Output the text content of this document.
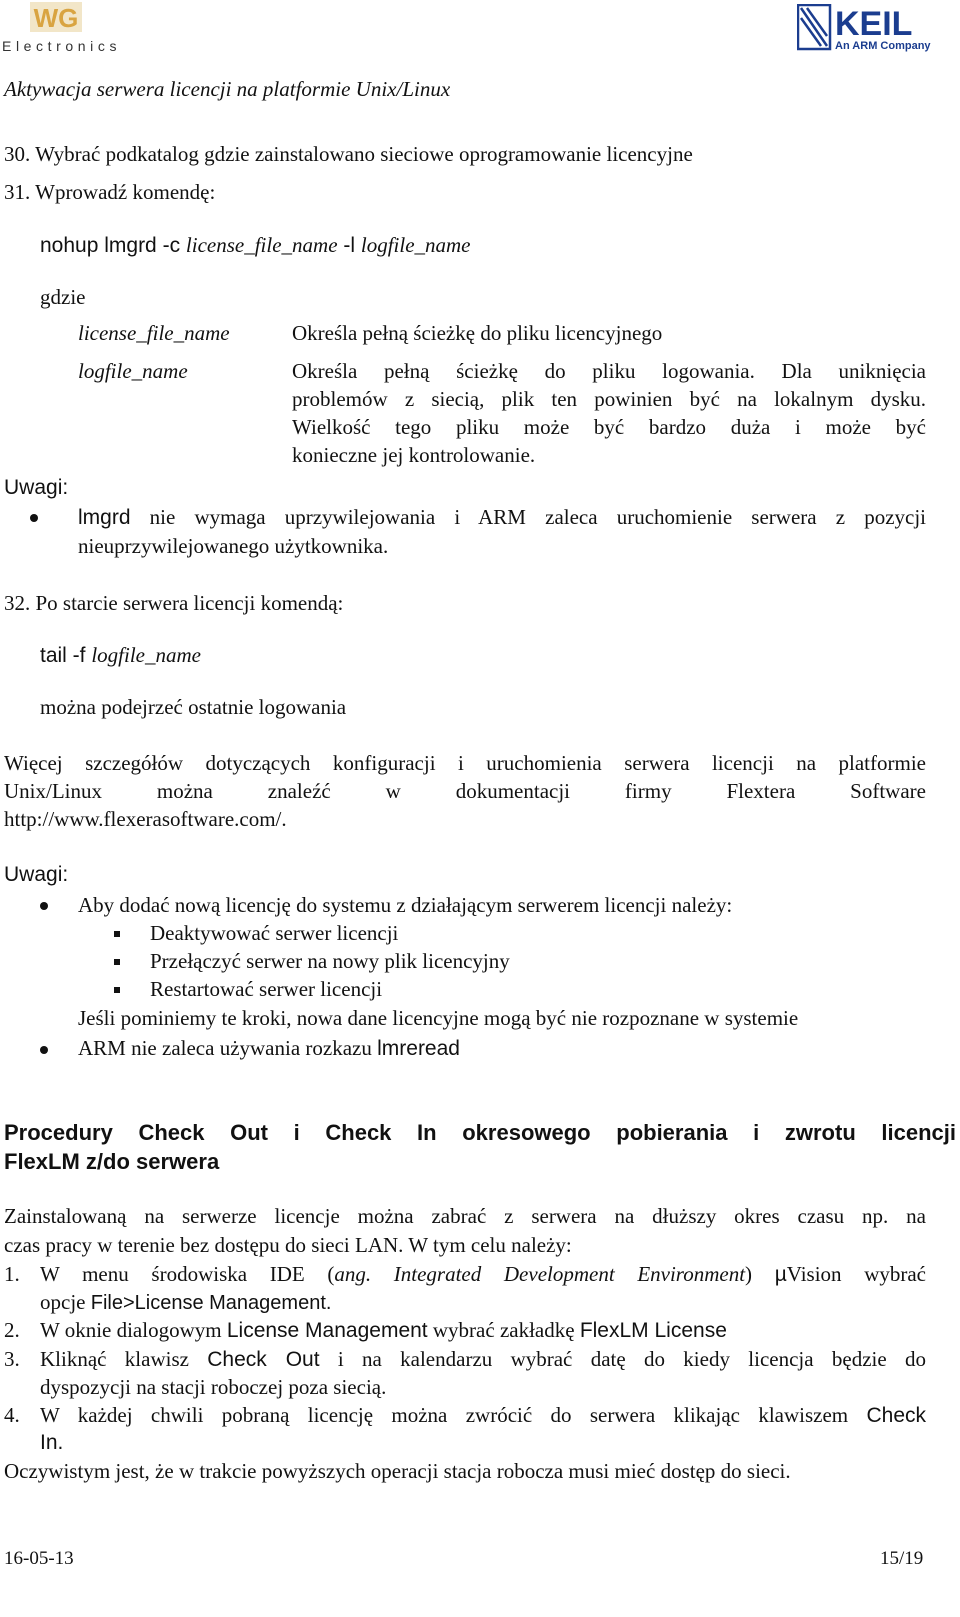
WG
Electronics
KEIL
An ARM Company
Aktywacja serwera licencji na platformie Unix/Linux
30. Wybrać podkatalog gdzie zainstalowano sieciowe oprogramowanie licencyjne
31. Wprowadź komendę:
nohup lmgrd -c license_file_name -l logfile_name
gdzie
license_file_name	Określa pełną ścieżkę do pliku licencyjnego
logfile_name	Określa pełną ścieżkę do pliku logowania. Dla uniknięcia
problemów z siecią, plik ten powinien być na lokalnym dysku.
Wielkość tego pliku może być bardzo duża i może być
konieczne jej kontrolowanie.
Uwagi:
lmgrd nie wymaga uprzywilejowania i ARM zaleca uruchomienie serwera z pozycji
nieuprzywilejowanego użytkownika.
32. Po starcie serwera licencji komendą:
tail -f logfile_name
można podejrzeć ostatnie logowania
Więcej szczegółów dotyczących konfiguracji i uruchomienia serwera licencji na platformie
Unix/Linux można znaleźć w dokumentacji firmy Flextera Software
http://www.flexerasoftware.com/.
Uwagi:
Aby dodać nową licencję do systemu z działającym serwerem licencji należy:
Deaktywować serwer licencji
Przełączyć serwer na nowy plik licencyjny
Restartować serwer licencji
Jeśli pominiemy te kroki, nowa dane licencyjne mogą być nie rozpoznane w systemie
ARM nie zaleca używania rozkazu lmreread
Procedury Check Out i Check In okresowego pobierania i zwrotu licencji
FlexLM z/do serwera
Zainstalowaną na serwerze licencje można zabrać z serwera na dłuższy okres czasu np. na
czas pracy w terenie bez dostępu do sieci LAN. W tym celu należy:
1. W menu środowiska IDE (ang. Integrated Development Environment) µVision wybrać
opcje File>License Management.
2. W oknie dialogowym License Management wybrać zakładkę FlexLM License
3. Kliknąć klawisz Check Out i na kalendarzu wybrać datę do kiedy licencja będzie do
dyspozycji na stacji roboczej poza siecią.
4. W każdej chwili pobraną licencję można zwrócić do serwera klikając klawiszem Check
In.
Oczywistym jest, że w trakcie powyższych operacji stacja robocza musi mieć dostęp do sieci.
16-05-13	15/19
